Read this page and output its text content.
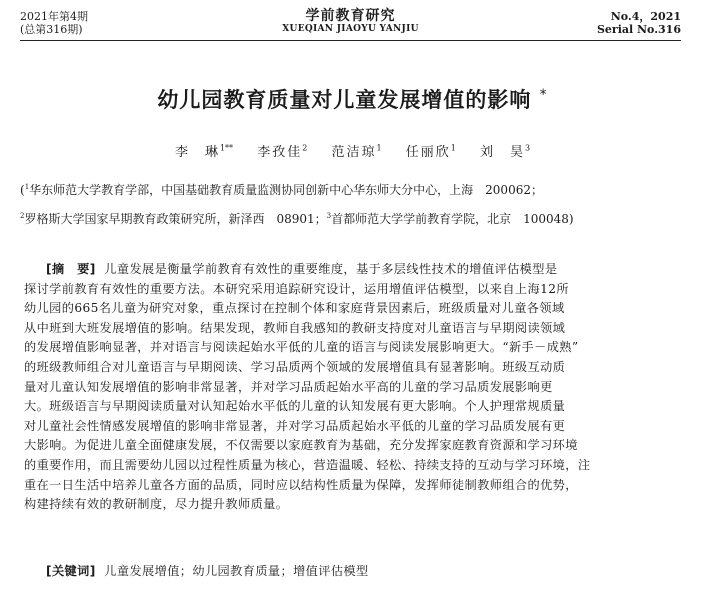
2021年第4期
(总第316期)
学前教育研究
XUEQIAN JIAOYU YANJIU
No.4，2021
Serial No.316
幼儿园教育质量对儿童发展增值的影响 *
李　琳$^{1**}$ 李孜佳$^2$ 范洁琼$^1$ 任丽欣$^1$ 刘　昊$^3$
($^1$华东师范大学教育学部，中国基础教育质量监测协同创新中心华东师大分中心，上海　200062；
$^2$罗格斯大学国家早期教育政策研究所，新泽西　08901；$^3$首都师范大学学前教育学院，北京　100048)
[摘　要] 儿童发展是衡量学前教育有效性的重要维度，基于多层线性技术的增值评估模型是
探讨学前教育有效性的重要方法。本研究采用追踪研究设计，运用增值评估模型，以来自上海12所
幼儿园的665名儿童为研究对象，重点探讨在控制个体和家庭背景因素后，班级质量对儿童各领域
从中班到大班发展增值的影响。结果发现，教师自我感知的教研支持度对儿童语言与早期阅读领域
的发展增值影响显著，并对语言与阅读起始水平低的儿童的语言与阅读发展影响更大。“新手－成熟”
的班级教师组合对儿童语言与早期阅读、学习品质两个领域的发展增值具有显著影响。班级互动质
量对儿童认知发展增值的影响非常显著，并对学习品质起始水平高的儿童的学习品质发展影响更
大。班级语言与早期阅读质量对认知起始水平低的儿童的认知发展有更大影响。个人护理常规质量
对儿童社会性情感发展增值的影响非常显著，并对学习品质起始水平低的儿童的学习品质发展有更
大影响。为促进儿童全面健康发展，不仅需要以家庭教育为基础，充分发挥家庭教育资源和学习环境
的重要作用，而且需要幼儿园以过程性质量为核心，营造温暖、轻松、持续支持的互动与学习环境，注
重在一日生活中培养儿童各方面的品质，同时应以结构性质量为保障，发挥师徒制教师组合的优势，
构建持续有效的教研制度，尽力提升教师质量。
[关键词] 儿童发展增值；幼儿园教育质量；增值评估模型
